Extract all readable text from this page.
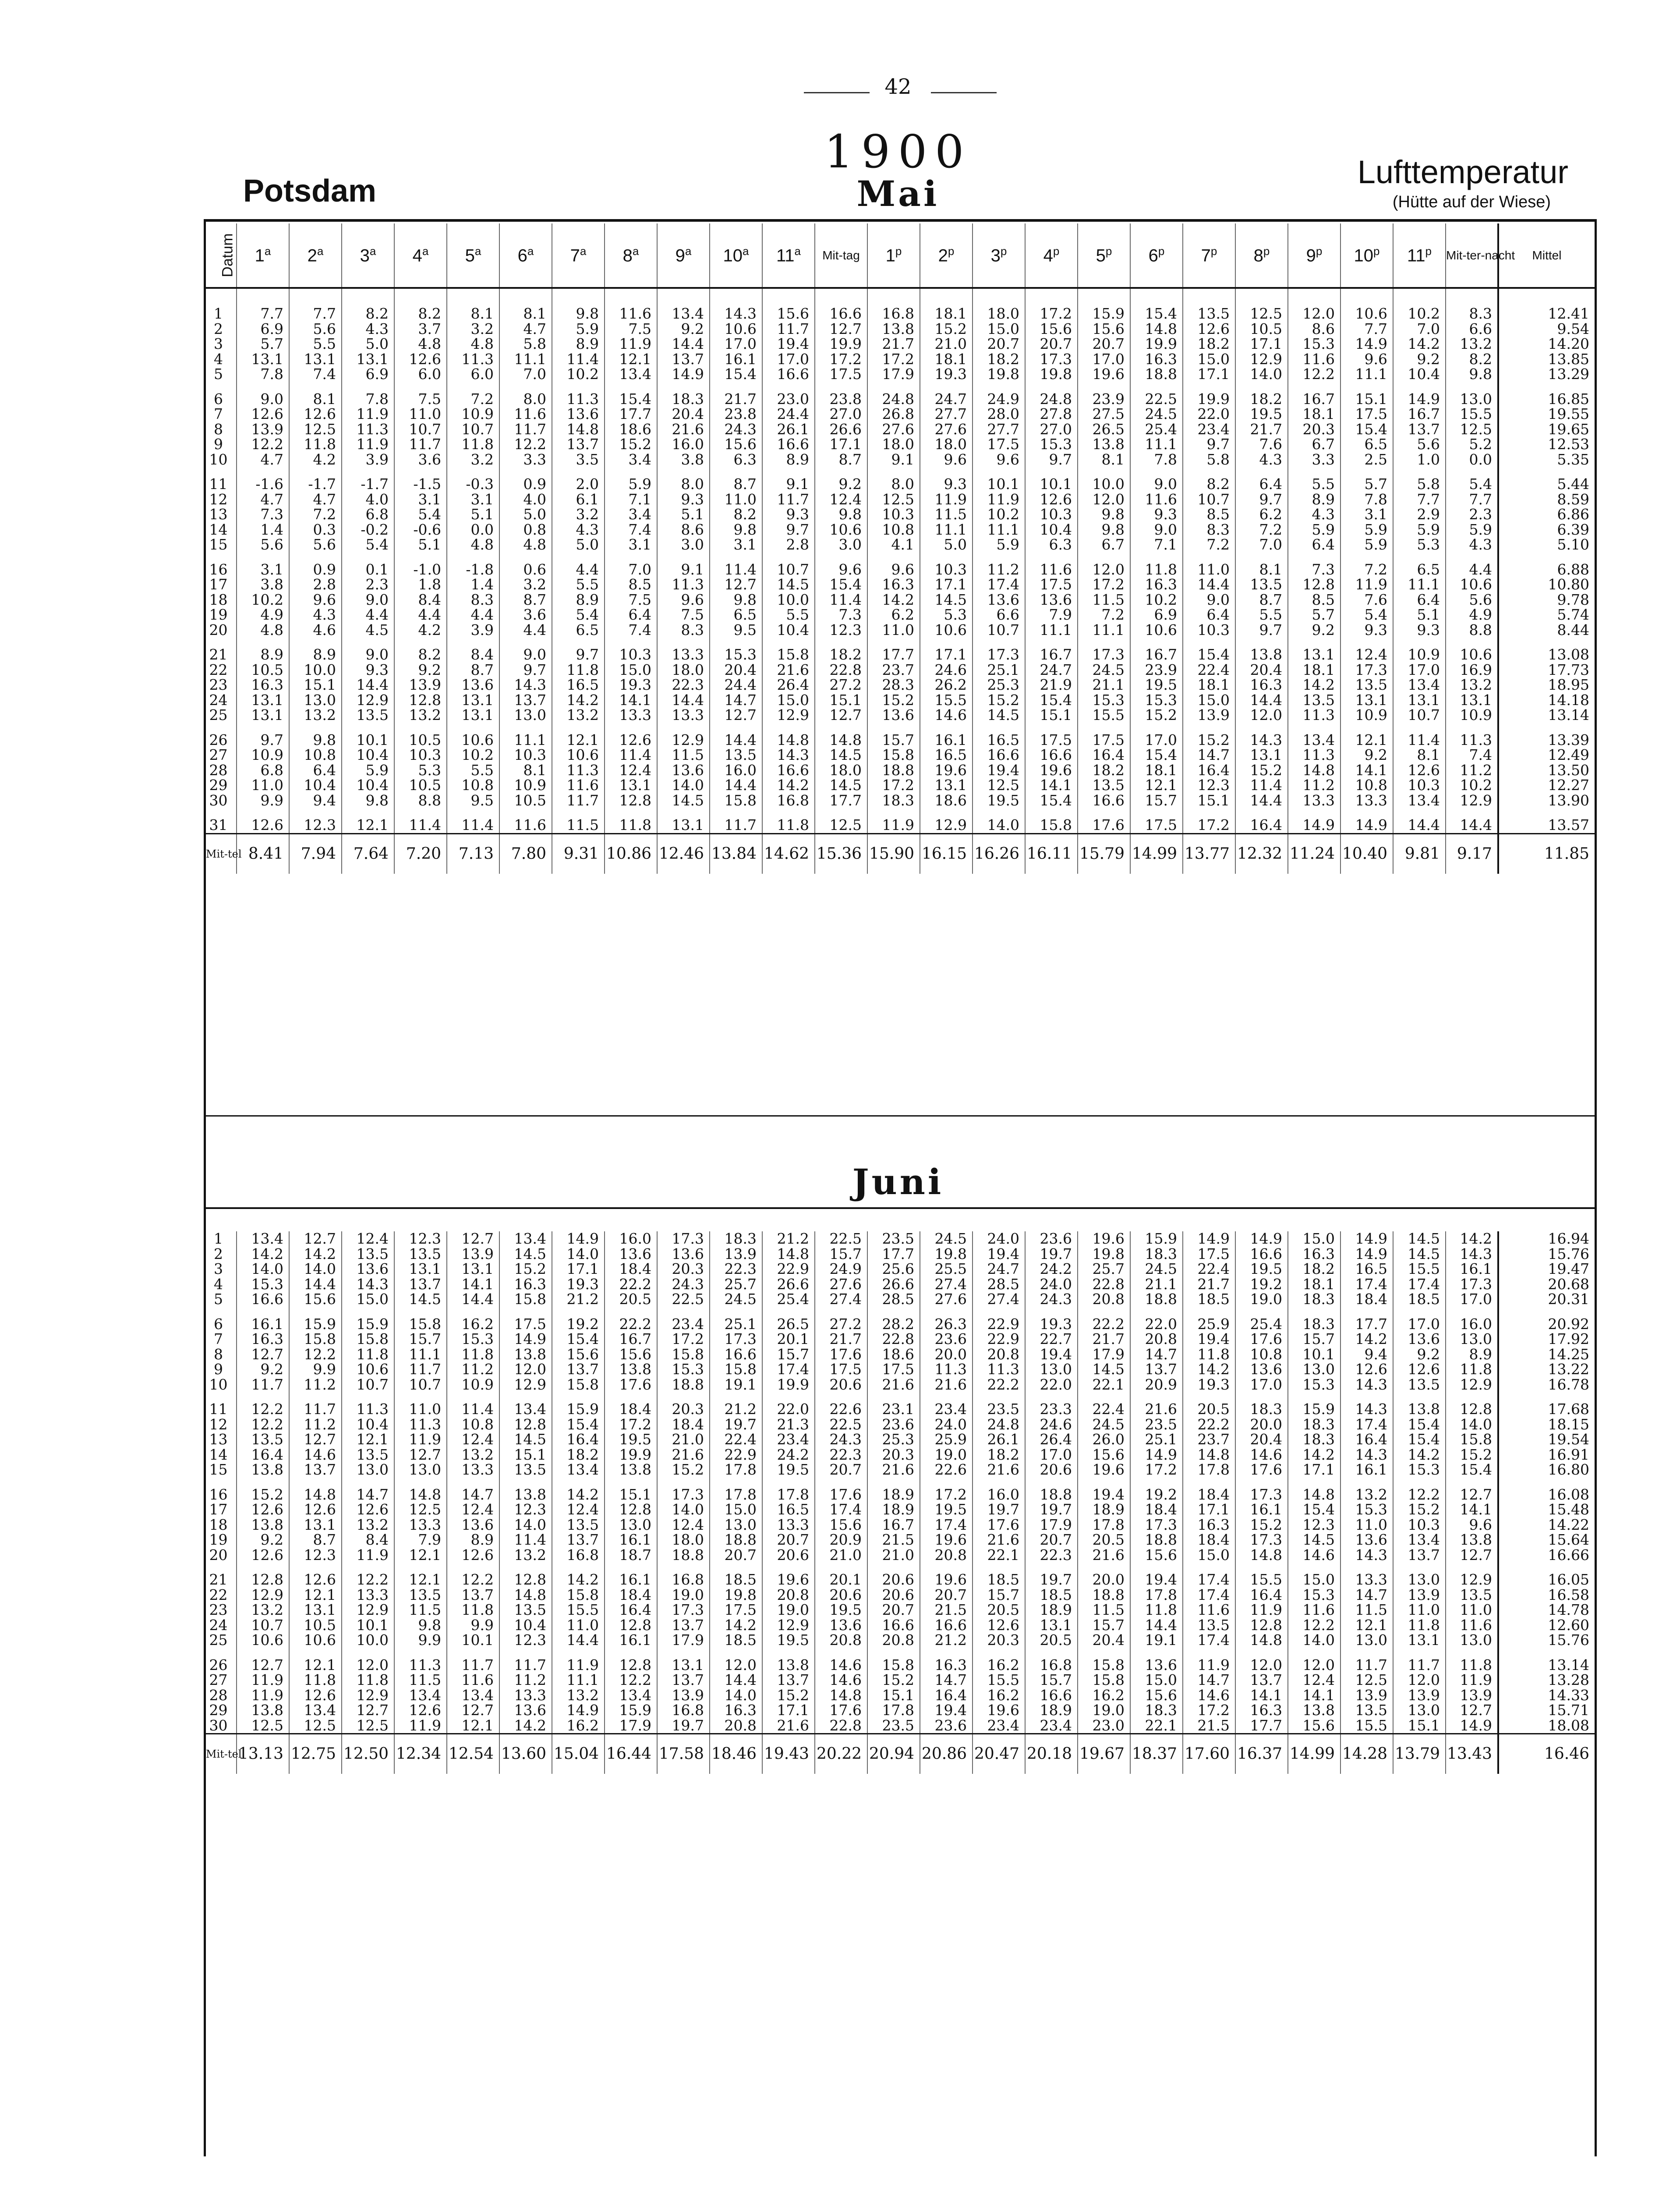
42
1900
Potsdam	Mai
Lufttemperatur
(Hütte auf der Wiese)
Datum	1$^a$	2$^a$	3$^a$	4$^a$	5$^a$	6$^a$	7$^a$	8$^a$	9$^a$	10$^a$	11$^a$	Mit-tag	1$^p$	2$^p$	3$^p$	4$^p$	5$^p$	6$^p$	7$^p$	8$^p$	9$^p$	10$^p$	11$^p$	Mit-ter-nacht	Mittel
1	7.7	7.7	8.2	8.2	8.1	8.1	9.8	11.6	13.4	14.3	15.6	16.6	16.8	18.1	18.0	17.2	15.9	15.4	13.5	12.5	12.0	10.6	10.2	8.3	12.41
2	6.9	5.6	4.3	3.7	3.2	4.7	5.9	7.5	9.2	10.6	11.7	12.7	13.8	15.2	15.0	15.6	15.6	14.8	12.6	10.5	8.6	7.7	7.0	6.6	9.54
3	5.7	5.5	5.0	4.8	4.8	5.8	8.9	11.9	14.4	17.0	19.4	19.9	21.7	21.0	20.7	20.7	20.7	19.9	18.2	17.1	15.3	14.9	14.2	13.2	14.20
4	13.1	13.1	13.1	12.6	11.3	11.1	11.4	12.1	13.7	16.1	17.0	17.2	17.2	18.1	18.2	17.3	17.0	16.3	15.0	12.9	11.6	9.6	9.2	8.2	13.85
5	7.8	7.4	6.9	6.0	6.0	7.0	10.2	13.4	14.9	15.4	16.6	17.5	17.9	19.3	19.8	19.8	19.6	18.8	17.1	14.0	12.2	11.1	10.4	9.8	13.29
6	9.0	8.1	7.8	7.5	7.2	8.0	11.3	15.4	18.3	21.7	23.0	23.8	24.8	24.7	24.9	24.8	23.9	22.5	19.9	18.2	16.7	15.1	14.9	13.0	16.85
7	12.6	12.6	11.9	11.0	10.9	11.6	13.6	17.7	20.4	23.8	24.4	27.0	26.8	27.7	28.0	27.8	27.5	24.5	22.0	19.5	18.1	17.5	16.7	15.5	19.55
8	13.9	12.5	11.3	10.7	10.7	11.7	14.8	18.6	21.6	24.3	26.1	26.6	27.6	27.6	27.7	27.0	26.5	25.4	23.4	21.7	20.3	15.4	13.7	12.5	19.65
9	12.2	11.8	11.9	11.7	11.8	12.2	13.7	15.2	16.0	15.6	16.6	17.1	18.0	18.0	17.5	15.3	13.8	11.1	9.7	7.6	6.7	6.5	5.6	5.2	12.53
10	4.7	4.2	3.9	3.6	3.2	3.3	3.5	3.4	3.8	6.3	8.9	8.7	9.1	9.6	9.6	9.7	8.1	7.8	5.8	4.3	3.3	2.5	1.0	0.0	5.35
11	-1.6	-1.7	-1.7	-1.5	-0.3	0.9	2.0	5.9	8.0	8.7	9.1	9.2	8.0	9.3	10.1	10.1	10.0	9.0	8.2	6.4	5.5	5.7	5.8	5.4	5.44
12	4.7	4.7	4.0	3.1	3.1	4.0	6.1	7.1	9.3	11.0	11.7	12.4	12.5	11.9	11.9	12.6	12.0	11.6	10.7	9.7	8.9	7.8	7.7	7.7	8.59
13	7.3	7.2	6.8	5.4	5.1	5.0	3.2	3.4	5.1	8.2	9.3	9.8	10.3	11.5	10.2	10.3	9.8	9.3	8.5	6.2	4.3	3.1	2.9	2.3	6.86
14	1.4	0.3	-0.2	-0.6	0.0	0.8	4.3	7.4	8.6	9.8	9.7	10.6	10.8	11.1	11.1	10.4	9.8	9.0	8.3	7.2	5.9	5.9	5.9	5.9	6.39
15	5.6	5.6	5.4	5.1	4.8	4.8	5.0	3.1	3.0	3.1	2.8	3.0	4.1	5.0	5.9	6.3	6.7	7.1	7.2	7.0	6.4	5.9	5.3	4.3	5.10
16	3.1	0.9	0.1	-1.0	-1.8	0.6	4.4	7.0	9.1	11.4	10.7	9.6	9.6	10.3	11.2	11.6	12.0	11.8	11.0	8.1	7.3	7.2	6.5	4.4	6.88
17	3.8	2.8	2.3	1.8	1.4	3.2	5.5	8.5	11.3	12.7	14.5	15.4	16.3	17.1	17.4	17.5	17.2	16.3	14.4	13.5	12.8	11.9	11.1	10.6	10.80
18	10.2	9.6	9.0	8.4	8.3	8.7	8.9	7.5	9.6	9.8	10.0	11.4	14.2	14.5	13.6	13.6	11.5	10.2	9.0	8.7	8.5	7.6	6.4	5.6	9.78
19	4.9	4.3	4.4	4.4	4.4	3.6	5.4	6.4	7.5	6.5	5.5	7.3	6.2	5.3	6.6	7.9	7.2	6.9	6.4	5.5	5.7	5.4	5.1	4.9	5.74
20	4.8	4.6	4.5	4.2	3.9	4.4	6.5	7.4	8.3	9.5	10.4	12.3	11.0	10.6	10.7	11.1	11.1	10.6	10.3	9.7	9.2	9.3	9.3	8.8	8.44
21	8.9	8.9	9.0	8.2	8.4	9.0	9.7	10.3	13.3	15.3	15.8	18.2	17.7	17.1	17.3	16.7	17.3	16.7	15.4	13.8	13.1	12.4	10.9	10.6	13.08
22	10.5	10.0	9.3	9.2	8.7	9.7	11.8	15.0	18.0	20.4	21.6	22.8	23.7	24.6	25.1	24.7	24.5	23.9	22.4	20.4	18.1	17.3	17.0	16.9	17.73
23	16.3	15.1	14.4	13.9	13.6	14.3	16.5	19.3	22.3	24.4	26.4	27.2	28.3	26.2	25.3	21.9	21.1	19.5	18.1	16.3	14.2	13.5	13.4	13.2	18.95
24	13.1	13.0	12.9	12.8	13.1	13.7	14.2	14.1	14.4	14.7	15.0	15.1	15.2	15.5	15.2	15.4	15.3	15.3	15.0	14.4	13.5	13.1	13.1	13.1	14.18
25	13.1	13.2	13.5	13.2	13.1	13.0	13.2	13.3	13.3	12.7	12.9	12.7	13.6	14.6	14.5	15.1	15.5	15.2	13.9	12.0	11.3	10.9	10.7	10.9	13.14
26	9.7	9.8	10.1	10.5	10.6	11.1	12.1	12.6	12.9	14.4	14.8	14.8	15.7	16.1	16.5	17.5	17.5	17.0	15.2	14.3	13.4	12.1	11.4	11.3	13.39
27	10.9	10.8	10.4	10.3	10.2	10.3	10.6	11.4	11.5	13.5	14.3	14.5	15.8	16.5	16.6	16.6	16.4	15.4	14.7	13.1	11.3	9.2	8.1	7.4	12.49
28	6.8	6.4	5.9	5.3	5.5	8.1	11.3	12.4	13.6	16.0	16.6	18.0	18.8	19.6	19.4	19.6	18.2	18.1	16.4	15.2	14.8	14.1	12.6	11.2	13.50
29	11.0	10.4	10.4	10.5	10.8	10.9	11.6	13.1	14.0	14.4	14.2	14.5	17.2	13.1	12.5	14.1	13.5	12.1	12.3	11.4	11.2	10.8	10.3	10.2	12.27
30	9.9	9.4	9.8	8.8	9.5	10.5	11.7	12.8	14.5	15.8	16.8	17.7	18.3	18.6	19.5	15.4	16.6	15.7	15.1	14.4	13.3	13.3	13.4	12.9	13.90
31	12.6	12.3	12.1	11.4	11.4	11.6	11.5	11.8	13.1	11.7	11.8	12.5	11.9	12.9	14.0	15.8	17.6	17.5	17.2	16.4	14.9	14.9	14.4	14.4	13.57
Mit-tel	8.41	7.94	7.64	7.20	7.13	7.80	9.31	10.86	12.46	13.84	14.62	15.36	15.90	16.15	16.26	16.11	15.79	14.99	13.77	12.32	11.24	10.40	9.81	9.17	11.85
Juni
1	13.4	12.7	12.4	12.3	12.7	13.4	14.9	16.0	17.3	18.3	21.2	22.5	23.5	24.5	24.0	23.6	19.6	15.9	14.9	14.9	15.0	14.9	14.5	14.2	16.94
2	14.2	14.2	13.5	13.5	13.9	14.5	14.0	13.6	13.6	13.9	14.8	15.7	17.7	19.8	19.4	19.7	19.8	18.3	17.5	16.6	16.3	14.9	14.5	14.3	15.76
3	14.0	14.0	13.6	13.1	13.1	15.2	17.1	18.4	20.3	22.3	22.9	24.9	25.6	25.5	24.7	24.2	25.7	24.5	22.4	19.5	18.2	16.5	15.5	16.1	19.47
4	15.3	14.4	14.3	13.7	14.1	16.3	19.3	22.2	24.3	25.7	26.6	27.6	26.6	27.4	28.5	24.0	22.8	21.1	21.7	19.2	18.1	17.4	17.4	17.3	20.68
5	16.6	15.6	15.0	14.5	14.4	15.8	21.2	20.5	22.5	24.5	25.4	27.4	28.5	27.6	27.4	24.3	20.8	18.8	18.5	19.0	18.3	18.4	18.5	17.0	20.31
6	16.1	15.9	15.9	15.8	16.2	17.5	19.2	22.2	23.4	25.1	26.5	27.2	28.2	26.3	22.9	19.3	22.2	22.0	25.9	25.4	18.3	17.7	17.0	16.0	20.92
7	16.3	15.8	15.8	15.7	15.3	14.9	15.4	16.7	17.2	17.3	20.1	21.7	22.8	23.6	22.9	22.7	21.7	20.8	19.4	17.6	15.7	14.2	13.6	13.0	17.92
8	12.7	12.2	11.8	11.1	11.8	13.8	15.6	15.6	15.8	16.6	15.7	17.6	18.6	20.0	20.8	19.4	17.9	14.7	11.8	10.8	10.1	9.4	9.2	8.9	14.25
9	9.2	9.9	10.6	11.7	11.2	12.0	13.7	13.8	15.3	15.8	17.4	17.5	17.5	11.3	11.3	13.0	14.5	13.7	14.2	13.6	13.0	12.6	12.6	11.8	13.22
10	11.7	11.2	10.7	10.7	10.9	12.9	15.8	17.6	18.8	19.1	19.9	20.6	21.6	21.6	22.2	22.0	22.1	20.9	19.3	17.0	15.3	14.3	13.5	12.9	16.78
11	12.2	11.7	11.3	11.0	11.4	13.4	15.9	18.4	20.3	21.2	22.0	22.6	23.1	23.4	23.5	23.3	22.4	21.6	20.5	18.3	15.9	14.3	13.8	12.8	17.68
12	12.2	11.2	10.4	11.3	10.8	12.8	15.4	17.2	18.4	19.7	21.3	22.5	23.6	24.0	24.8	24.6	24.5	23.5	22.2	20.0	18.3	17.4	15.4	14.0	18.15
13	13.5	12.7	12.1	11.9	12.4	14.5	16.4	19.5	21.0	22.4	23.4	24.3	25.3	25.9	26.1	26.4	26.0	25.1	23.7	20.4	18.3	16.4	15.4	15.8	19.54
14	16.4	14.6	13.5	12.7	13.2	15.1	18.2	19.9	21.6	22.9	24.2	22.3	20.3	19.0	18.2	17.0	15.6	14.9	14.8	14.6	14.2	14.3	14.2	15.2	16.91
15	13.8	13.7	13.0	13.0	13.3	13.5	13.4	13.8	15.2	17.8	19.5	20.7	21.6	22.6	21.6	20.6	19.6	17.2	17.8	17.6	17.1	16.1	15.3	15.4	16.80
16	15.2	14.8	14.7	14.8	14.7	13.8	14.2	15.1	17.3	17.8	17.8	17.6	18.9	17.2	16.0	18.8	19.4	19.2	18.4	17.3	14.8	13.2	12.2	12.7	16.08
17	12.6	12.6	12.6	12.5	12.4	12.3	12.4	12.8	14.0	15.0	16.5	17.4	18.9	19.5	19.7	19.7	18.9	18.4	17.1	16.1	15.4	15.3	15.2	14.1	15.48
18	13.8	13.1	13.2	13.3	13.6	14.0	13.5	13.0	12.4	13.0	13.3	15.6	16.7	17.4	17.6	17.9	17.8	17.3	16.3	15.2	12.3	11.0	10.3	9.6	14.22
19	9.2	8.7	8.4	7.9	8.9	11.4	13.7	16.1	18.0	18.8	20.7	20.9	21.5	19.6	21.6	20.7	20.5	18.8	18.4	17.3	14.5	13.6	13.4	13.8	15.64
20	12.6	12.3	11.9	12.1	12.6	13.2	16.8	18.7	18.8	20.7	20.6	21.0	21.0	20.8	22.1	22.3	21.6	15.6	15.0	14.8	14.6	14.3	13.7	12.7	16.66
21	12.8	12.6	12.2	12.1	12.2	12.8	14.2	16.1	16.8	18.5	19.6	20.1	20.6	19.6	18.5	19.7	20.0	19.4	17.4	15.5	15.0	13.3	13.0	12.9	16.05
22	12.9	12.1	13.3	13.5	13.7	14.8	15.8	18.4	19.0	19.8	20.8	20.6	20.6	20.7	15.7	18.5	18.8	17.8	17.4	16.4	15.3	14.7	13.9	13.5	16.58
23	13.2	13.1	12.9	11.5	11.8	13.5	15.5	16.4	17.3	17.5	19.0	19.5	20.7	21.5	20.5	18.9	11.5	11.8	11.6	11.9	11.6	11.5	11.0	11.0	14.78
24	10.7	10.5	10.1	9.8	9.9	10.4	11.0	12.8	13.7	14.2	12.9	13.6	16.6	16.6	12.6	13.1	15.7	14.4	13.5	12.8	12.2	12.1	11.8	11.6	12.60
25	10.6	10.6	10.0	9.9	10.1	12.3	14.4	16.1	17.9	18.5	19.5	20.8	20.8	21.2	20.3	20.5	20.4	19.1	17.4	14.8	14.0	13.0	13.1	13.0	15.76
26	12.7	12.1	12.0	11.3	11.7	11.7	11.9	12.8	13.1	12.0	13.8	14.6	15.8	16.3	16.2	16.8	15.8	13.6	11.9	12.0	12.0	11.7	11.7	11.8	13.14
27	11.9	11.8	11.8	11.5	11.6	11.2	11.1	12.2	13.7	14.4	13.7	14.6	15.2	14.7	15.5	15.7	15.8	15.0	14.7	13.7	12.4	12.5	12.0	11.9	13.28
28	11.9	12.6	12.9	13.4	13.4	13.3	13.2	13.4	13.9	14.0	15.2	14.8	15.1	16.4	16.2	16.6	16.2	15.6	14.6	14.1	14.1	13.9	13.9	13.9	14.33
29	13.8	13.4	12.7	12.6	12.7	13.6	14.9	15.9	16.8	16.3	17.1	17.6	17.8	19.4	19.6	18.9	19.0	18.3	17.2	16.3	13.8	13.5	13.0	12.7	15.71
30	12.5	12.5	12.5	11.9	12.1	14.2	16.2	17.9	19.7	20.8	21.6	22.8	23.5	23.6	23.4	23.4	23.0	22.1	21.5	17.7	15.6	15.5	15.1	14.9	18.08
Mit-tel	13.13	12.75	12.50	12.34	12.54	13.60	15.04	16.44	17.58	18.46	19.43	20.22	20.94	20.86	20.47	20.18	19.67	18.37	17.60	16.37	14.99	14.28	13.79	13.43	16.46
